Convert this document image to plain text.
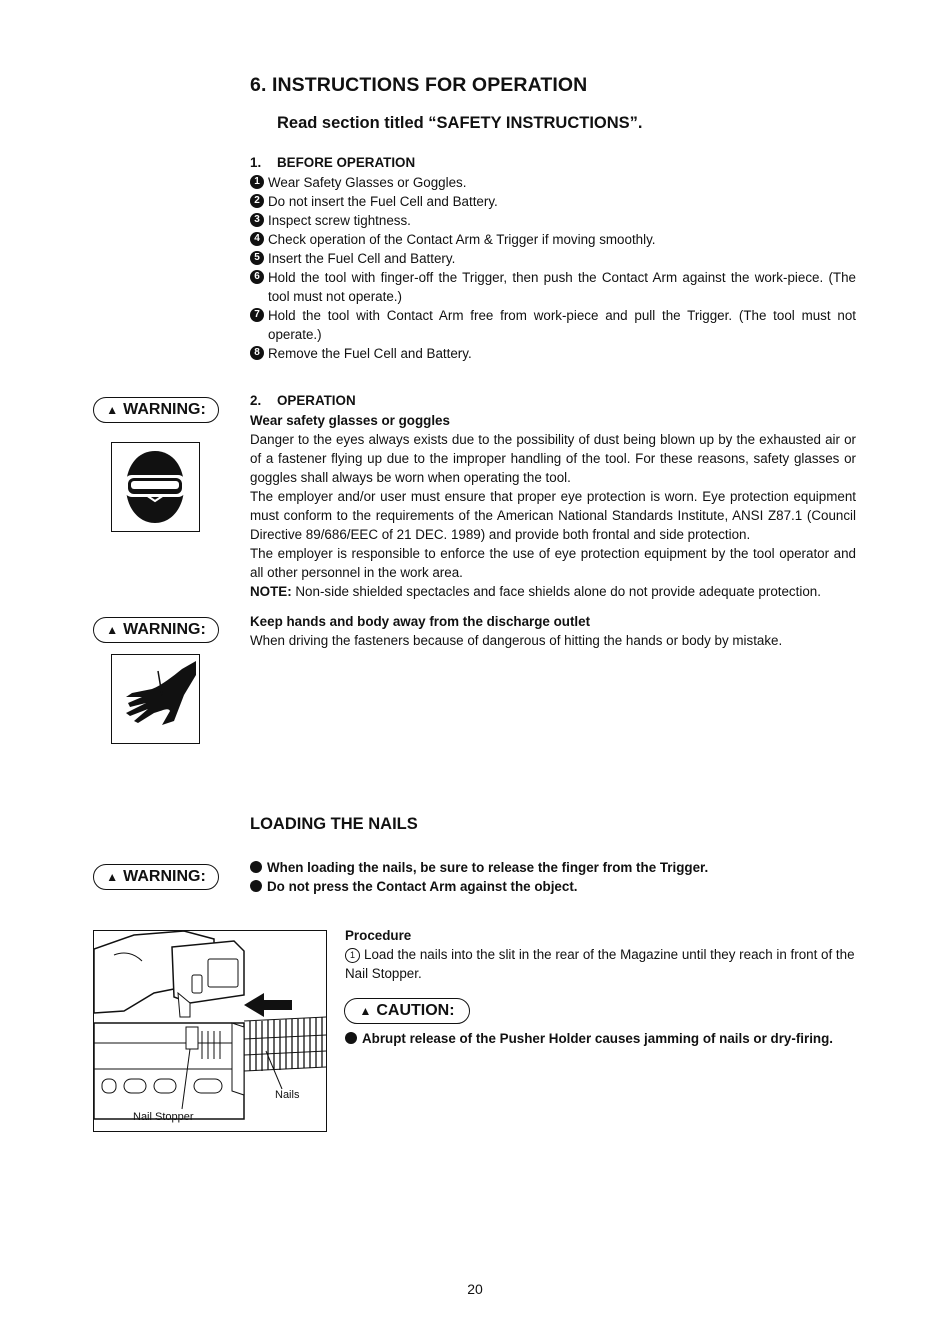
6. INSTRUCTIONS FOR OPERATION
Read section titled “SAFETY INSTRUCTIONS”.
1. BEFORE OPERATION
1 Wear Safety Glasses or Goggles.
2 Do not insert the Fuel Cell and Battery.
3 Inspect screw tightness.
4 Check operation of the Contact Arm & Trigger if moving smoothly.
5 Insert the Fuel Cell and Battery.
6 Hold the tool with finger-off the Trigger, then push the Contact Arm against the work-piece. (The tool must not operate.)
7 Hold the tool with Contact Arm free from work-piece and pull the Trigger. (The tool must not operate.)
8 Remove the Fuel Cell and Battery.
▲ WARNING:
2. OPERATION
Wear safety glasses or goggles
Danger to the eyes always exists due to the possibility of dust being blown up by the exhausted air or of a fastener flying up due to the improper handling of the tool. For these reasons, safety glasses or goggles shall always be worn when operating the tool.
The employer and/or user must ensure that proper eye protection is worn. Eye protection equipment must conform to the requirements of the American National Standards Institute, ANSI Z87.1 (Council Directive 89/686/EEC of 21 DEC. 1989) and provide both frontal and side protection.
The employer is responsible to enforce the use of eye protection equipment by the tool operator and all other personnel in the work area.
NOTE: Non-side shielded spectacles and face shields alone do not provide adequate protection.
▲ WARNING:	Keep hands and body away from the discharge outlet
When driving the fasteners because of dangerous of hitting the hands or body by mistake.
LOADING THE NAILS
▲ WARNING:
When loading the nails, be sure to release the finger from the Trigger.
Do not press the Contact Arm against the object.
Nails
Nail Stopper
Procedure
1 Load the nails into the slit in the rear of the Magazine until they reach in front of the Nail Stopper.
▲ CAUTION:
Abrupt release of the Pusher Holder causes jamming of nails or dry-firing.
20
